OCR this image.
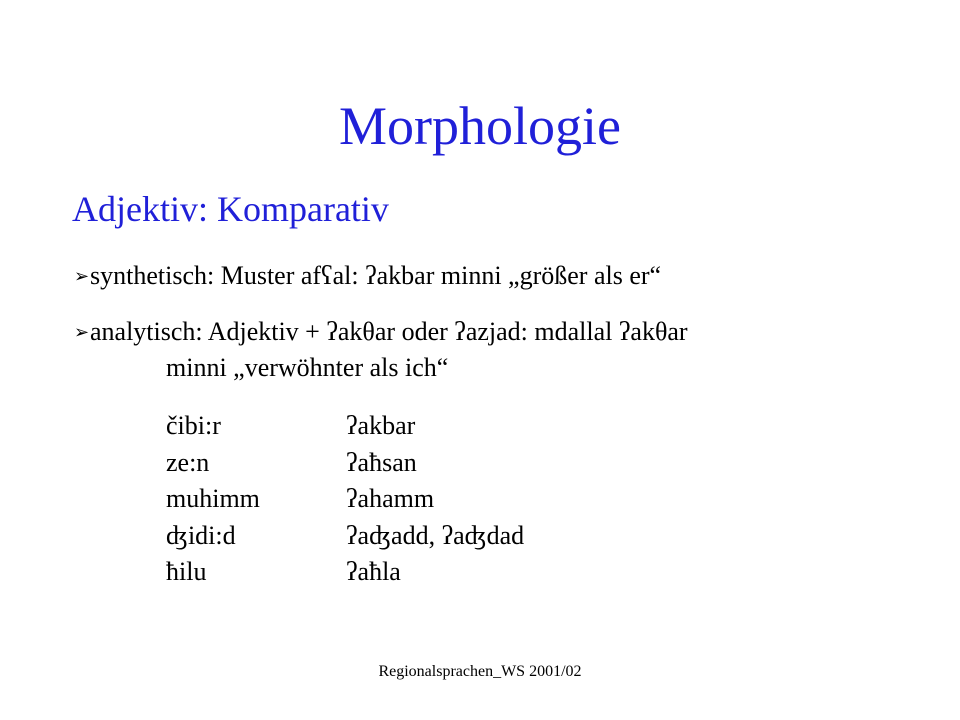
Morphologie
Adjektiv: Komparativ
➢synthetisch: Muster afʕal: ʔakbar minni „größer als er“
➢analytisch: Adjektiv + ʔakθar oder ʔazjad: mdallal ʔakθar
minni „verwöhnter als ich“
čibi:r	ʔakbar
ze:n	ʔaħsan
muhimm	ʔahamm
ʤidi:d	ʔaʤadd, ʔaʤdad
ħilu	ʔaħla
Regionalsprachen_WS 2001/02
